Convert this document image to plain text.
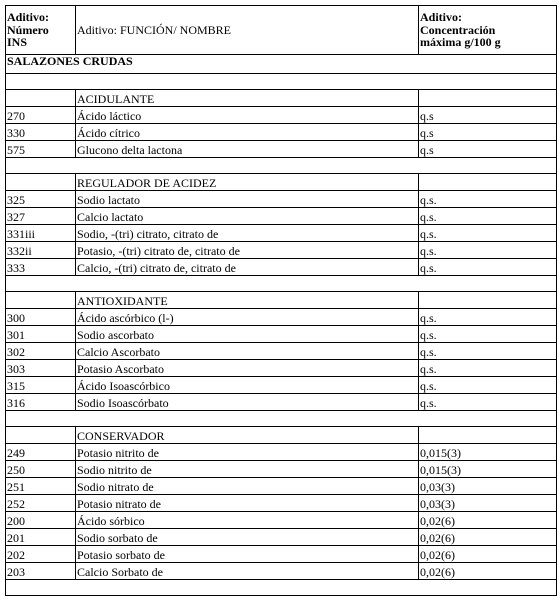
Aditivo:
Número
INS	Aditivo: FUNCIÓN/ NOMBRE	Aditivo:
Concentración
máxima g/100 g

SALAZONES CRUDAS		

	ACIDULANTE	
270	Ácido láctico	q.s
330	Ácido cítrico	q.s
575	Glucono delta lactona	q.s

	REGULADOR DE ACIDEZ	
325	Sodio lactato	q.s.
327	Calcio lactato	q.s.
331iii	Sodio, -(tri) citrato, citrato de	q.s.
332ii	Potasio, -(tri) citrato de, citrato de	q.s.
333	Calcio, -(tri) citrato de, citrato de	q.s.

	ANTIOXIDANTE	
300	Ácido ascórbico (l-)	q.s.
301	Sodio ascorbato	q.s.
302	Calcio Ascorbato	q.s.
303	Potasio Ascorbato	q.s.
315	Ácido Isoascórbico	q.s.
316	Sodio Isoascórbato	q.s.

	CONSERVADOR	
249	Potasio nitrito de	0,015(3)
250	Sodio nitrito de	0,015(3)
251	Sodio nitrato de	0,03(3)
252	Potasio nitrato de	0,03(3)
200	Ácido sórbico	0,02(6)
201	Sodio sorbato de	0,02(6)
202	Potasio sorbato de	0,02(6)
203	Calcio Sorbato de	0,02(6)
